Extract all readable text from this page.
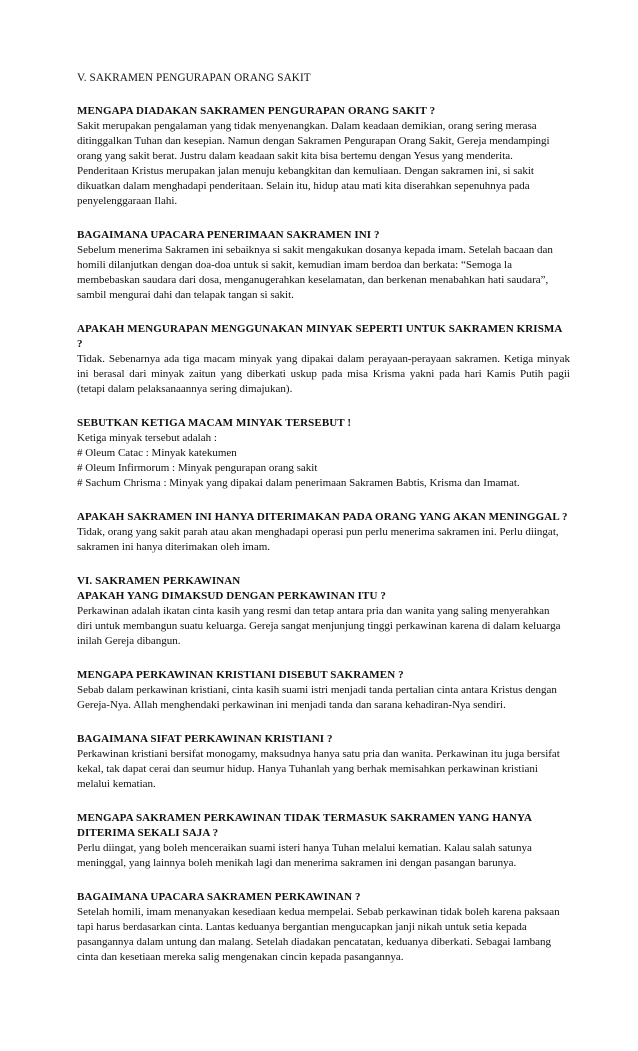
V. SAKRAMEN PENGURAPAN ORANG SAKIT

MENGAPA DIADAKAN SAKRAMEN PENGURAPAN ORANG SAKIT ?

Sakit merupakan pengalaman yang tidak menyenangkan. Dalam keadaan demikian, orang sering merasa

ditinggalkan Tuhan dan kesepian. Namun dengan Sakramen Pengurapan Orang Sakit, Gereja mendampingi

orang yang sakit berat. Justru dalam keadaan sakit kita bisa bertemu dengan Yesus yang menderita.

Penderitaan Kristus merupakan jalan menuju kebangkitan dan kemuliaan. Dengan sakramen ini, si sakit

dikuatkan dalam menghadapi penderitaan. Selain itu, hidup atau mati kita diserahkan sepenuhnya pada

penyelenggaraan Ilahi.

BAGAIMANA UPACARA PENERIMAAN SAKRAMEN INI ?

Sebelum menerima Sakramen ini sebaiknya si sakit mengakukan dosanya kepada imam. Setelah bacaan dan

homili dilanjutkan dengan doa-doa untuk si sakit, kemudian imam berdoa dan berkata: “Semoga la

membebaskan saudara dari dosa, menganugerahkan keselamatan, dan berkenan menabahkan hati saudara”,

sambil mengurai dahi dan telapak tangan si sakit.

APAKAH MENGURAPAN MENGGUNAKAN MINYAK SEPERTI UNTUK SAKRAMEN KRISMA ?

Tidak. Sebenarnya ada tiga macam minyak yang dipakai dalam perayaan-perayaan sakramen. Ketiga minyak

ini berasal dari minyak zaitun yang diberkati uskup pada misa Krisma yakni pada hari Kamis Putih pagii

(tetapi dalam pelaksanaannya sering dimajukan).

SEBUTKAN KETIGA MACAM MINYAK TERSEBUT !

Ketiga minyak tersebut adalah :

# Oleum Catac : Minyak katekumen

# Oleum Infirmorum : Minyak pengurapan orang sakit

# Sachum Chrisma : Minyak yang dipakai dalam penerimaan Sakramen Babtis, Krisma dan Imamat.

APAKAH SAKRAMEN INI HANYA DITERIMAKAN PADA ORANG YANG AKAN MENINGGAL ?

Tidak, orang yang sakit parah atau akan menghadapi operasi pun perlu menerima sakramen ini. Perlu diingat,

sakramen ini hanya diterimakan oleh imam.

VI. SAKRAMEN PERKAWINAN

APAKAH YANG DIMAKSUD DENGAN PERKAWINAN ITU ?

Perkawinan adalah ikatan cinta kasih yang resmi dan tetap antara pria dan wanita yang saling menyerahkan

diri untuk membangun suatu keluarga. Gereja sangat menjunjung tinggi perkawinan karena di dalam keluarga

inilah Gereja dibangun.

MENGAPA PERKAWINAN KRISTIANI DISEBUT SAKRAMEN ?

Sebab dalam perkawinan kristiani, cinta kasih suami istri menjadi tanda pertalian cinta antara Kristus dengan

Gereja-Nya. Allah menghendaki perkawinan ini menjadi tanda dan sarana kehadiran-Nya sendiri.

BAGAIMANA SIFAT PERKAWINAN KRISTIANI ?

Perkawinan kristiani bersifat monogamy, maksudnya hanya satu pria dan wanita. Perkawinan itu juga bersifat

kekal, tak dapat cerai dan seumur hidup. Hanya Tuhanlah yang berhak memisahkan perkawinan kristiani

melalui kematian.

MENGAPA SAKRAMEN PERKAWINAN TIDAK TERMASUK SAKRAMEN YANG HANYA

DITERIMA SEKALI SAJA ?

Perlu diingat, yang boleh menceraikan suami isteri hanya Tuhan melalui kematian. Kalau salah satunya

meninggal, yang lainnya boleh menikah lagi dan menerima sakramen ini dengan pasangan barunya.

BAGAIMANA UPACARA SAKRAMEN PERKAWINAN ?

Setelah homili, imam menanyakan kesediaan kedua mempelai. Sebab perkawinan tidak boleh karena paksaan

tapi harus berdasarkan cinta. Lantas keduanya bergantian mengucapkan janji nikah untuk setia kepada

pasangannya dalam untung dan malang. Setelah diadakan pencatatan, keduanya diberkati. Sebagai lambang

cinta dan kesetiaan mereka salig mengenakan cincin kepada pasangannya.
